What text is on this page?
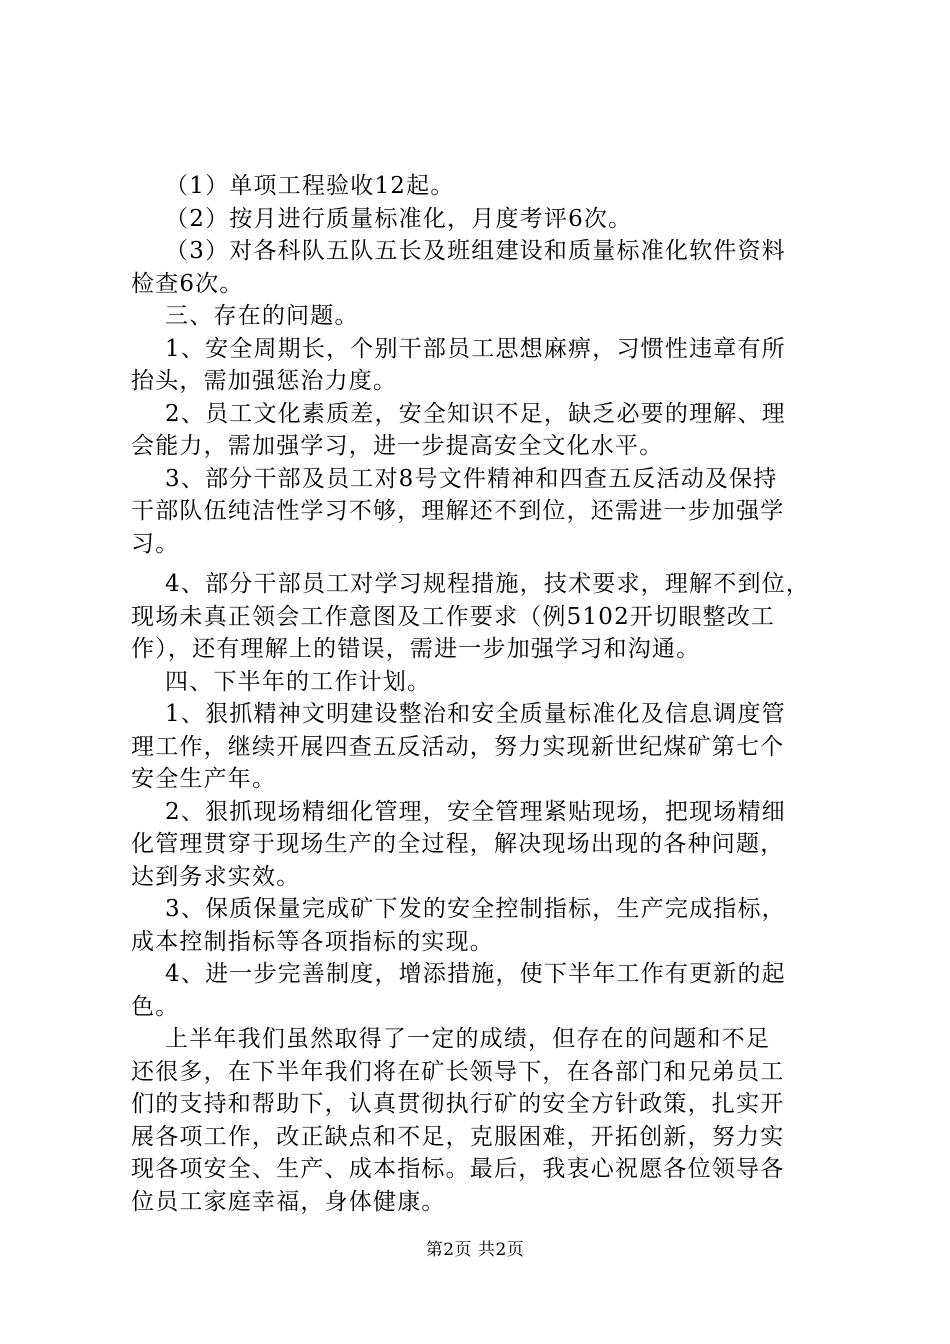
（1）单项工程验收12起。
（2）按月进行质量标准化，月度考评6次。
（3）对各科队五队五长及班组建设和质量标准化软件资料
检查6次。
三、存在的问题。
1、安全周期长，个别干部员工思想麻痹，习惯性违章有所
抬头，需加强惩治力度。
2、员工文化素质差，安全知识不足，缺乏必要的理解、理
会能力，需加强学习，进一步提高安全文化水平。
3、部分干部及员工对8号文件精神和四查五反活动及保持
干部队伍纯洁性学习不够，理解还不到位，还需进一步加强学
习。
4、部分干部员工对学习规程措施，技术要求，理解不到位，
现场未真正领会工作意图及工作要求（例5102开切眼整改工
作），还有理解上的错误，需进一步加强学习和沟通。
四、下半年的工作计划。
1、狠抓精神文明建设整治和安全质量标准化及信息调度管
理工作，继续开展四查五反活动，努力实现新世纪煤矿第七个
安全生产年。
2、狠抓现场精细化管理，安全管理紧贴现场，把现场精细
化管理贯穿于现场生产的全过程，解决现场出现的各种问题，
达到务求实效。
3、保质保量完成矿下发的安全控制指标，生产完成指标，
成本控制指标等各项指标的实现。
4、进一步完善制度，增添措施，使下半年工作有更新的起
色。
上半年我们虽然取得了一定的成绩，但存在的问题和不足
还很多，在下半年我们将在矿长领导下，在各部门和兄弟员工
们的支持和帮助下，认真贯彻执行矿的安全方针政策，扎实开
展各项工作，改正缺点和不足，克服困难，开拓创新，努力实
现各项安全、生产、成本指标。最后，我衷心祝愿各位领导各
位员工家庭幸福，身体健康。
第2页 共2页
